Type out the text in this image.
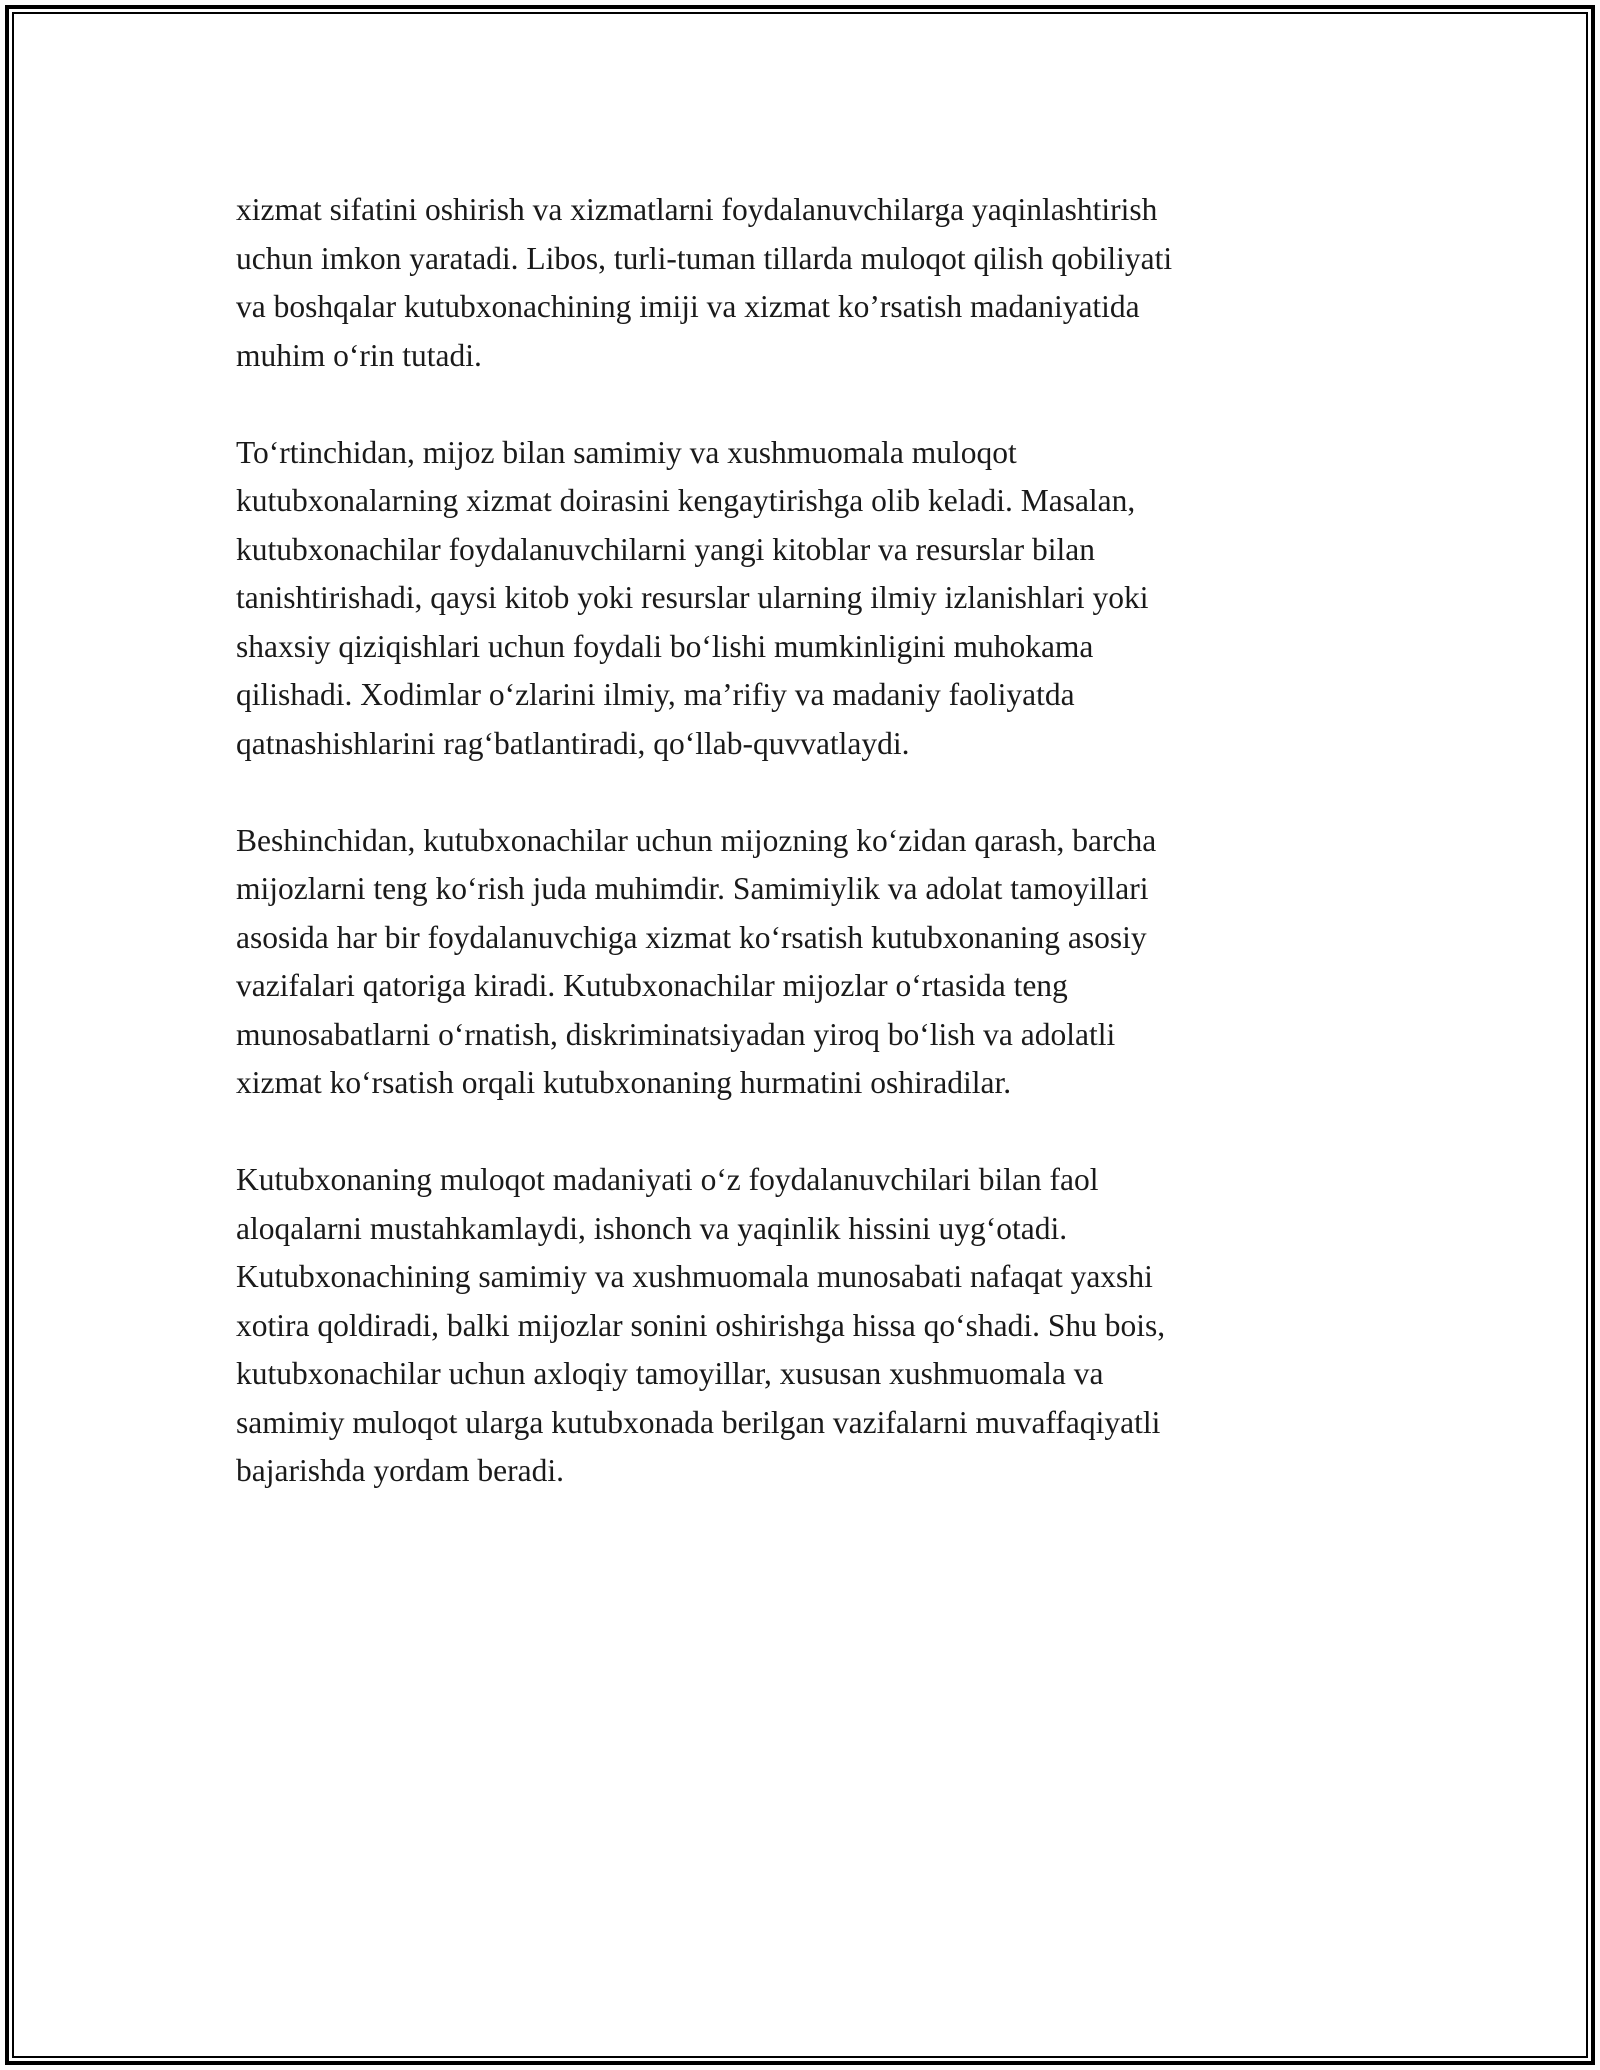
xizmat sifatini oshirish va xizmatlarni foydalanuvchilarga yaqinlashtirish
uchun imkon yaratadi. Libos, turli-tuman tillarda muloqot qilish qobiliyati
va boshqalar kutubxonachining imiji va xizmat ko’rsatish madaniyatida
muhim oʻrin tutadi.

Toʻrtinchidan, mijoz bilan samimiy va xushmuomala muloqot
kutubxonalarning xizmat doirasini kengaytirishga olib keladi. Masalan,
kutubxonachilar foydalanuvchilarni yangi kitoblar va resurslar bilan
tanishtirishadi, qaysi kitob yoki resurslar ularning ilmiy izlanishlari yoki
shaxsiy qiziqishlari uchun foydali boʻlishi mumkinligini muhokama
qilishadi. Xodimlar oʻzlarini ilmiy, ma’rifiy va madaniy faoliyatda
qatnashishlarini ragʻbatlantiradi, qoʻllab-quvvatlaydi.

Beshinchidan, kutubxonachilar uchun mijozning koʻzidan qarash, barcha
mijozlarni teng koʻrish juda muhimdir. Samimiylik va adolat tamoyillari
asosida har bir foydalanuvchiga xizmat koʻrsatish kutubxonaning asosiy
vazifalari qatoriga kiradi. Kutubxonachilar mijozlar oʻrtasida teng
munosabatlarni oʻrnatish, diskriminatsiyadan yiroq boʻlish va adolatli
xizmat koʻrsatish orqali kutubxonaning hurmatini oshiradilar.

Kutubxonaning muloqot madaniyati oʻz foydalanuvchilari bilan faol
aloqalarni mustahkamlaydi, ishonch va yaqinlik hissini uygʻotadi.
Kutubxonachining samimiy va xushmuomala munosabati nafaqat yaxshi
xotira qoldiradi, balki mijozlar sonini oshirishga hissa qoʻshadi. Shu bois,
kutubxonachilar uchun axloqiy tamoyillar, xususan xushmuomala va
samimiy muloqot ularga kutubxonada berilgan vazifalarni muvaffaqiyatli
bajarishda yordam beradi.
